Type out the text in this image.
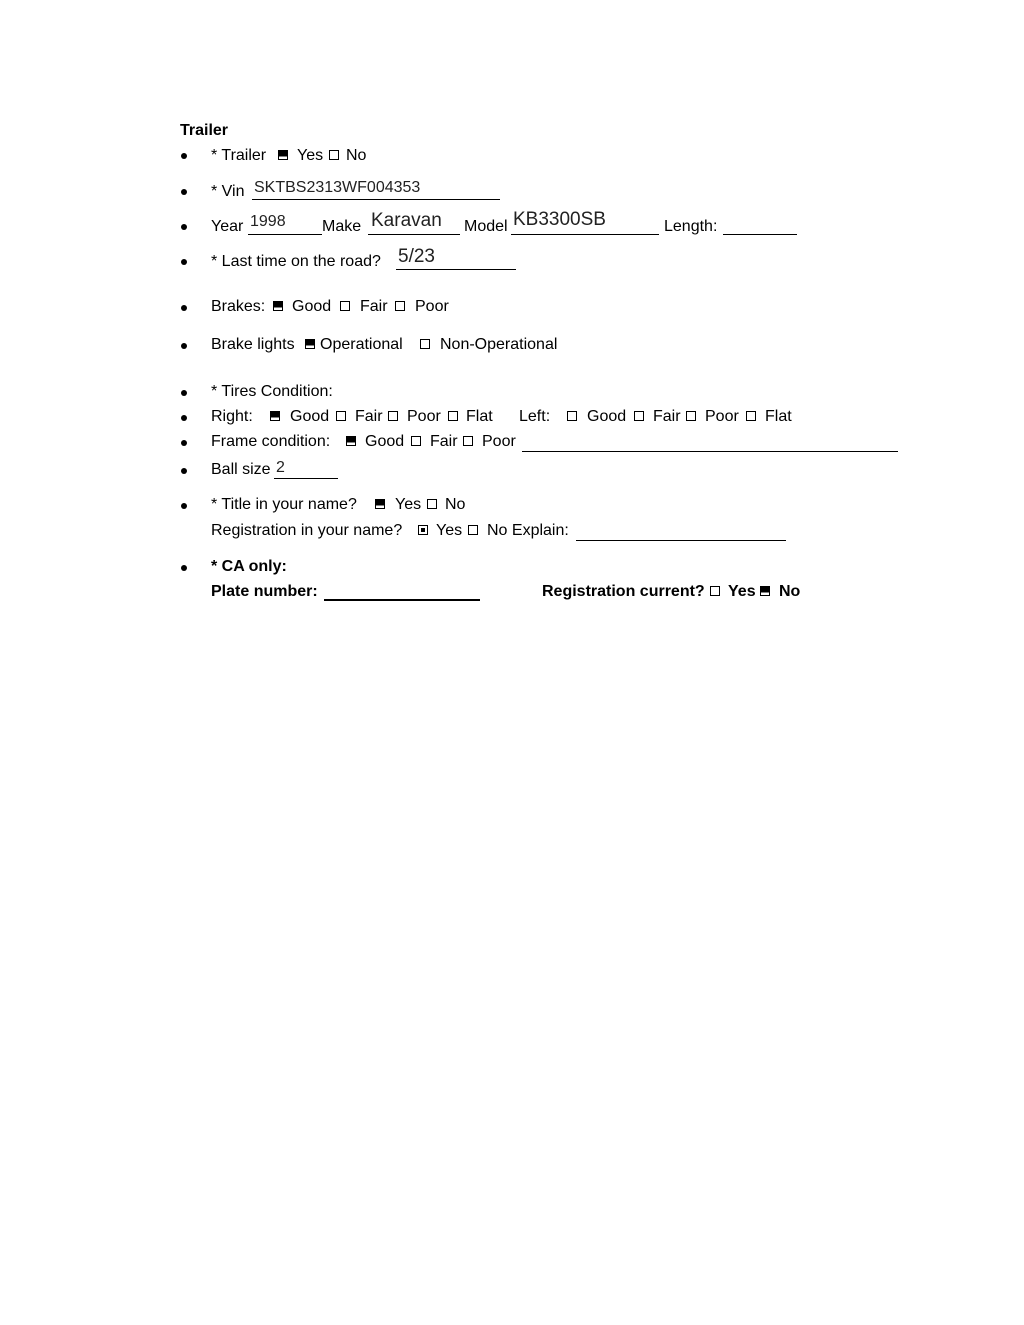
Trailer
* Trailer Yes No
* Vin SKTBS2313WF004353
Year 1998 Make Karavan Model KB3300SB	Length:
* Last time on the road? 5/23
Brakes: Good Fair Poor
Brake lights Operational Non-Operational
* Tires Condition:
Right: Good Fair Poor Flat Left: Good Fair Poor Flat
Frame condition: Good Fair Poor
Ball size 2
* Title in your name? Yes No
Registration in your name? Yes No Explain:
* CA only:
Plate number:	Registration current? Yes No
